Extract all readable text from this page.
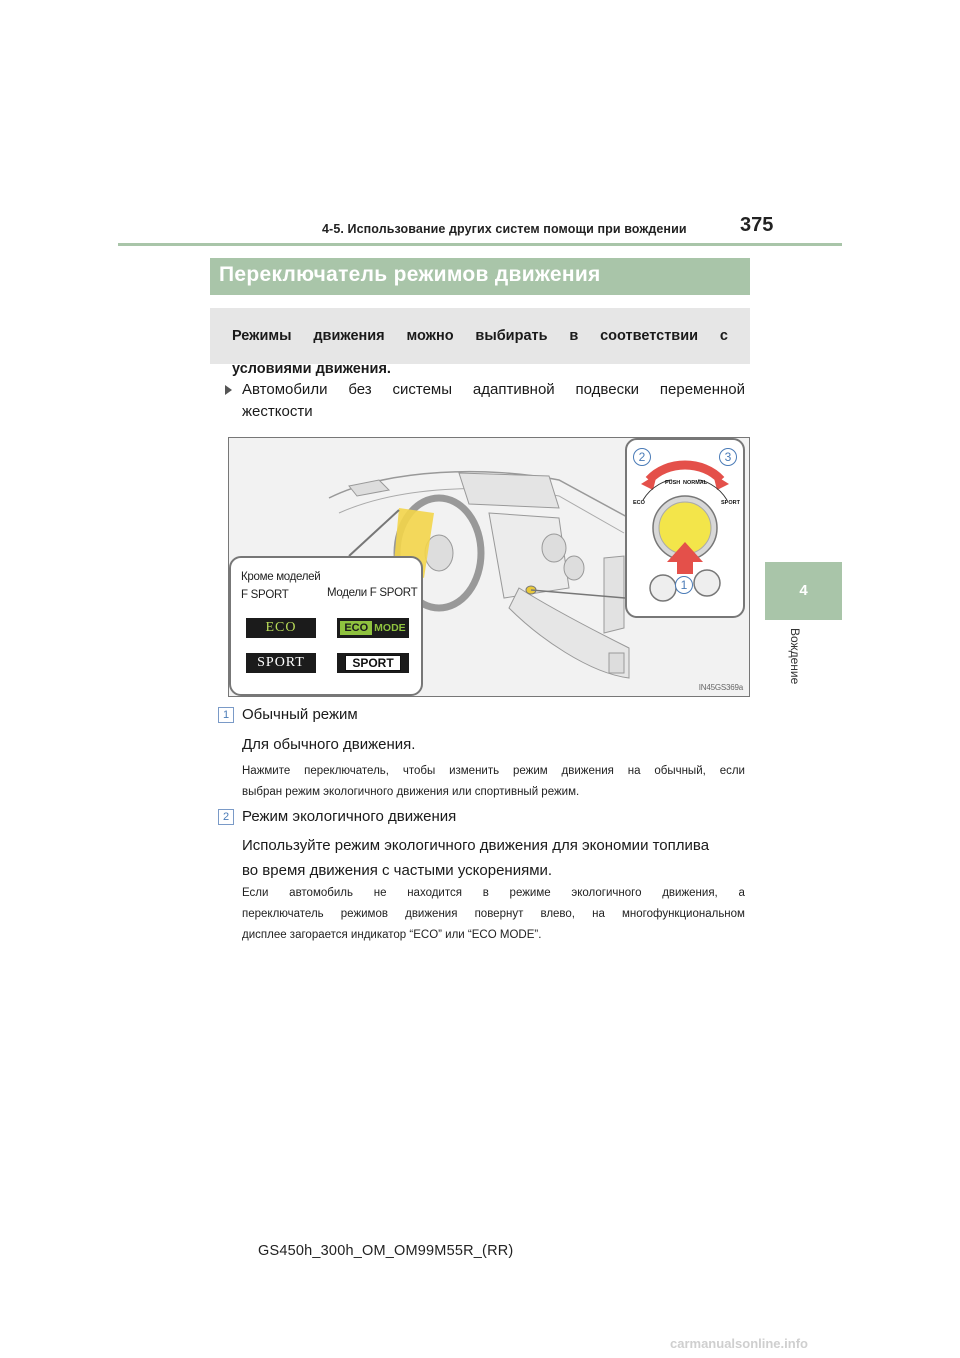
4-5. Использование других систем помощи при вождении	375
4
Вождение
Переключатель режимов движения
Режимы движения можно выбирать в соответствии с
условиями движения.
Автомобили без системы адаптивной подвески переменной
жесткости
Кроме моделей
F SPORT	Модели F SPORT
ECO	ECO MODE
SPORT	SPORT
PUSH NORMAL
ECO	SPORT
2	3
1
IN45GS369a
1 Обычный режим
Для обычного движения.
Нажмите переключатель, чтобы изменить режим движения на обычный, если
выбран режим экологичного движения или спортивный режим.
2 Режим экологичного движения
Используйте режим экологичного движения для экономии топлива
во время движения с частыми ускорениями.
Если автомобиль не находится в режиме экологичного движения, а
переключатель режимов движения повернут влево, на многофункциональном
дисплее загорается индикатор “ECO” или “ECO MODE”.
GS450h_300h_OM_OM99M55R_(RR)
carmanualsonline.info
